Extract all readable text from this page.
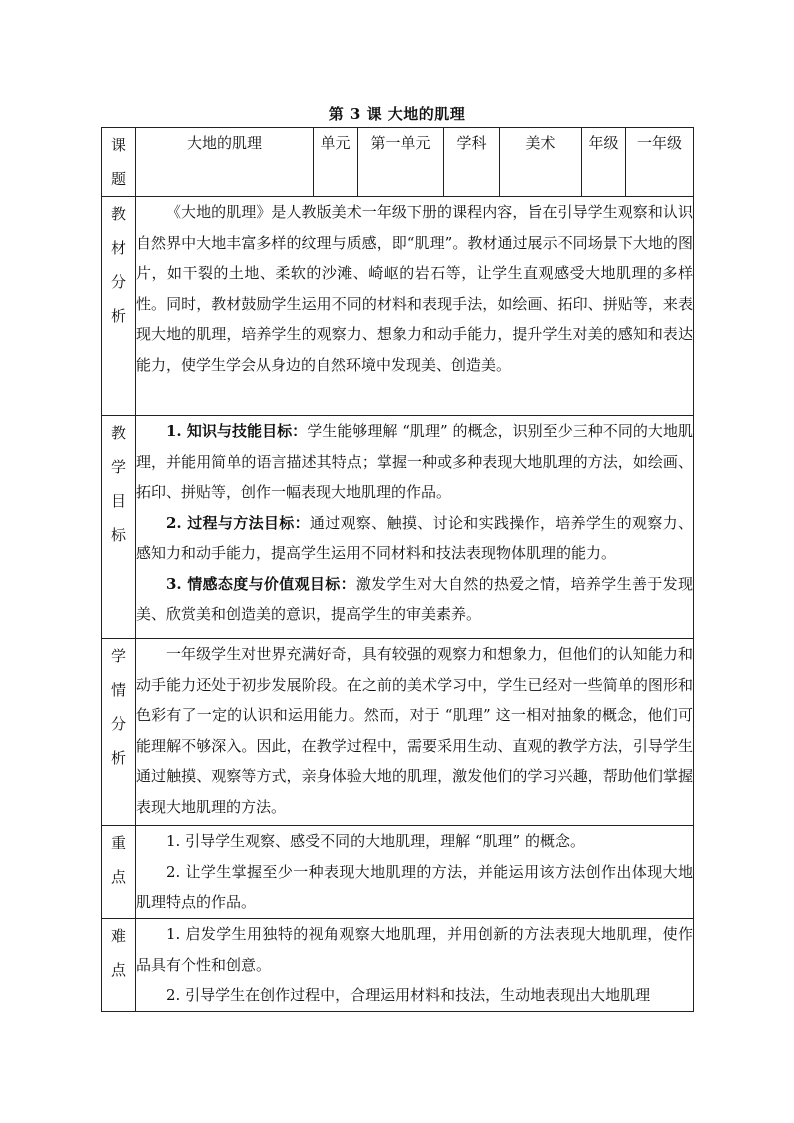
第 3 课 大地的肌理
课题	大地的肌理	单元	第一单元	学科	美术	年级	一年级
教材分析	《大地的肌理》是人教版美术一年级下册的课程内容，旨在引导学生观察和认识自然界中大地丰富多样的纹理与质感，即“肌理”。教材通过展示不同场景下大地的图片，如干裂的土地、柔软的沙滩、崎岖的岩石等，让学生直观感受大地肌理的多样性。同时，教材鼓励学生运用不同的材料和表现手法，如绘画、拓印、拼贴等，来表现大地的肌理，培养学生的观察力、想象力和动手能力，提升学生对美的感知和表达能力，使学生学会从身边的自然环境中发现美、创造美。						

教学目标	1. 知识与技能目标：学生能够理解 “肌理” 的概念，识别至少三种不同的大地肌理，并能用简单的语言描述其特点；掌握一种或多种表现大地肌理的方法，如绘画、拓印、拼贴等，创作一幅表现大地肌理的作品。

2. 过程与方法目标：通过观察、触摸、讨论和实践操作，培养学生的观察力、感知力和动手能力，提高学生运用不同材料和技法表现物体肌理的能力。

3. 情感态度与价值观目标：激发学生对大自然的热爱之情，培养学生善于发现美、欣赏美和创造美的意识，提高学生的审美素养。						

学情分析	一年级学生对世界充满好奇，具有较强的观察力和想象力，但他们的认知能力和动手能力还处于初步发展阶段。在之前的美术学习中，学生已经对一些简单的图形和色彩有了一定的认识和运用能力。然而，对于 “肌理” 这一相对抽象的概念，他们可能理解不够深入。因此，在教学过程中，需要采用生动、直观的教学方法，引导学生通过触摸、观察等方式，亲身体验大地的肌理，激发他们的学习兴趣，帮助他们掌握表现大地肌理的方法。						

重点	1. 引导学生观察、感受不同的大地肌理，理解 “肌理” 的概念。

2. 让学生掌握至少一种表现大地肌理的方法，并能运用该方法创作出体现大地肌理特点的作品。						

难点	1. 启发学生用独特的视角观察大地肌理，并用创新的方法表现大地肌理，使作品具有个性和创意。

2. 引导学生在创作过程中，合理运用材料和技法，生动地表现出大地肌理						
